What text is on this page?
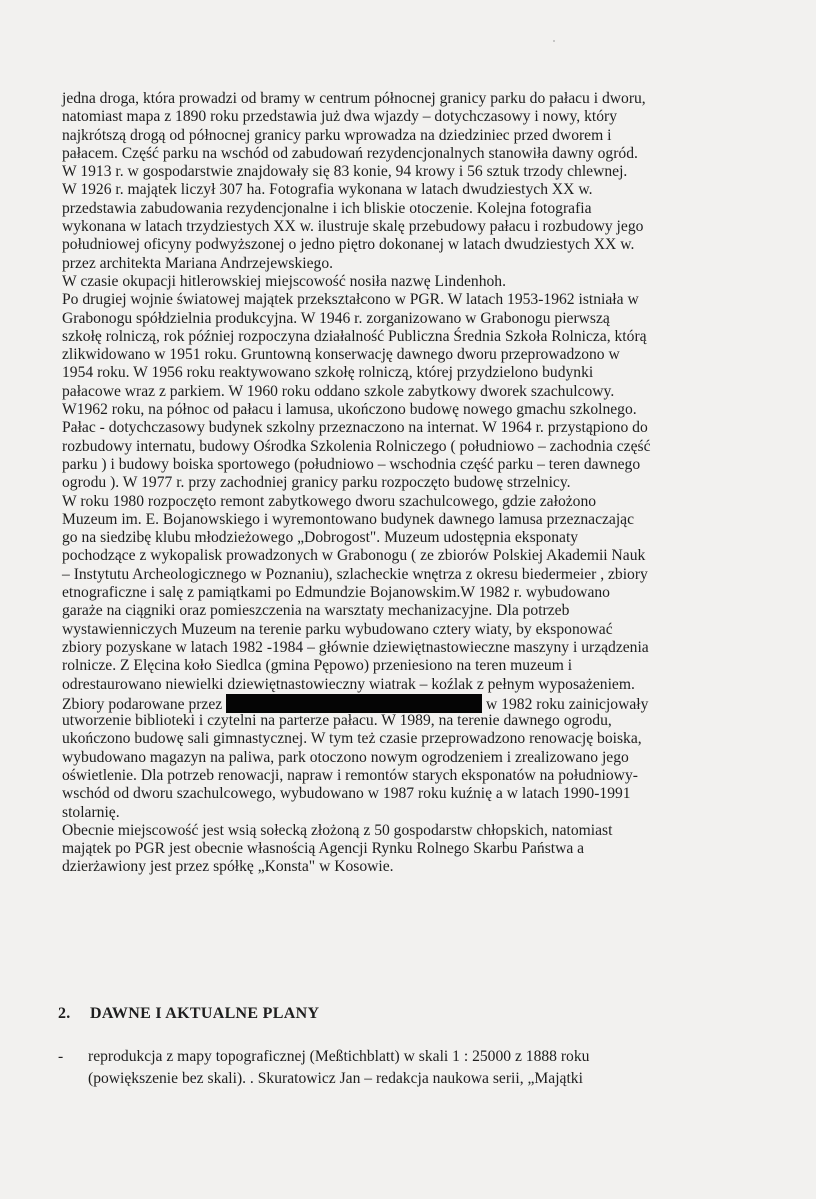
jedna droga, która prowadzi od bramy w centrum północnej granicy parku do pałacu i dworu,
natomiast mapa z 1890 roku przedstawia już dwa wjazdy – dotychczasowy i nowy, który
najkrótszą drogą od północnej granicy parku wprowadza na dziedziniec przed dworem i
pałacem. Część parku na wschód od zabudowań rezydencjonalnych stanowiła dawny ogród.
W 1913 r. w gospodarstwie znajdowały się 83 konie, 94 krowy i 56 sztuk trzody chlewnej.
W 1926 r. majątek liczył 307 ha. Fotografia wykonana w latach dwudziestych XX w.
przedstawia zabudowania rezydencjonalne i ich bliskie otoczenie. Kolejna fotografia
wykonana w latach trzydziestych XX w. ilustruje skalę przebudowy pałacu i rozbudowy jego
południowej oficyny podwyższonej o jedno piętro dokonanej w latach dwudziestych XX w.
przez architekta Mariana Andrzejewskiego.
W czasie okupacji hitlerowskiej miejscowość nosiła nazwę Lindenhoh.
Po drugiej wojnie światowej majątek przekształcono w PGR. W latach 1953-1962 istniała w
Grabonogu spółdzielnia produkcyjna. W 1946 r. zorganizowano w Grabonogu pierwszą
szkołę rolniczą, rok później rozpoczyna działalność Publiczna Średnia Szkoła Rolnicza, którą
zlikwidowano w 1951 roku. Gruntowną konserwację dawnego dworu przeprowadzono w
1954 roku. W 1956 roku reaktywowano szkołę rolniczą, której przydzielono budynki
pałacowe wraz z parkiem. W 1960 roku oddano szkole zabytkowy dworek szachulcowy.
W1962 roku, na północ od pałacu i lamusa, ukończono budowę nowego gmachu szkolnego.
Pałac - dotychczasowy budynek szkolny przeznaczono na internat. W 1964 r. przystąpiono do
rozbudowy internatu, budowy Ośrodka Szkolenia Rolniczego ( południowo – zachodnia część
parku ) i budowy boiska sportowego (południowo – wschodnia część parku – teren dawnego
ogrodu ). W 1977 r. przy zachodniej granicy parku rozpoczęto budowę strzelnicy.
W roku 1980 rozpoczęto remont zabytkowego dworu szachulcowego, gdzie założono
Muzeum im. E. Bojanowskiego i wyremontowano budynek dawnego lamusa przeznaczając
go na siedzibę klubu młodzieżowego „Dobrogost". Muzeum udostępnia eksponaty
pochodzące z wykopalisk prowadzonych w Grabonogu ( ze zbiorów Polskiej Akademii Nauk
– Instytutu Archeologicznego w Poznaniu), szlacheckie wnętrza z okresu biedermeier , zbiory
etnograficzne i salę z pamiątkami po Edmundzie Bojanowskim.W 1982 r. wybudowano
garaże na ciągniki oraz pomieszczenia na warsztaty mechanizacyjne. Dla potrzeb
wystawienniczych Muzeum na terenie parku wybudowano cztery wiaty, by eksponować
zbiory pozyskane w latach 1982 -1984 – głównie dziewiętnastowieczne maszyny i urządzenia
rolnicze. Z Elęcina koło Siedlca (gmina Pępowo) przeniesiono na teren muzeum i
odrestaurowano niewielki dziewiętnastowieczny wiatrak – koźlak z pełnym wyposażeniem.
Zbiory podarowane przez	w 1982 roku zainicjowały
utworzenie biblioteki i czytelni na parterze pałacu. W 1989, na terenie dawnego ogrodu,
ukończono budowę sali gimnastycznej. W tym też czasie przeprowadzono renowację boiska,
wybudowano magazyn na paliwa, park otoczono nowym ogrodzeniem i zrealizowano jego
oświetlenie. Dla potrzeb renowacji, napraw i remontów starych eksponatów na południowy-
wschód od dworu szachulcowego, wybudowano w 1987 roku kuźnię a w latach 1990-1991
stolarnię.
Obecnie miejscowość jest wsią sołecką złożoną z 50 gospodarstw chłopskich, natomiast
majątek po PGR jest obecnie własnością Agencji Rynku Rolnego Skarbu Państwa a
dzierżawiony jest przez spółkę „Konsta" w Kosowie.
2. DAWNE I AKTUALNE PLANY
- reprodukcja z mapy topograficznej (Meßtichblatt) w skali 1 : 25000 z 1888 roku
(powiększenie bez skali). . Skuratowicz Jan – redakcja naukowa serii, „Majątki
